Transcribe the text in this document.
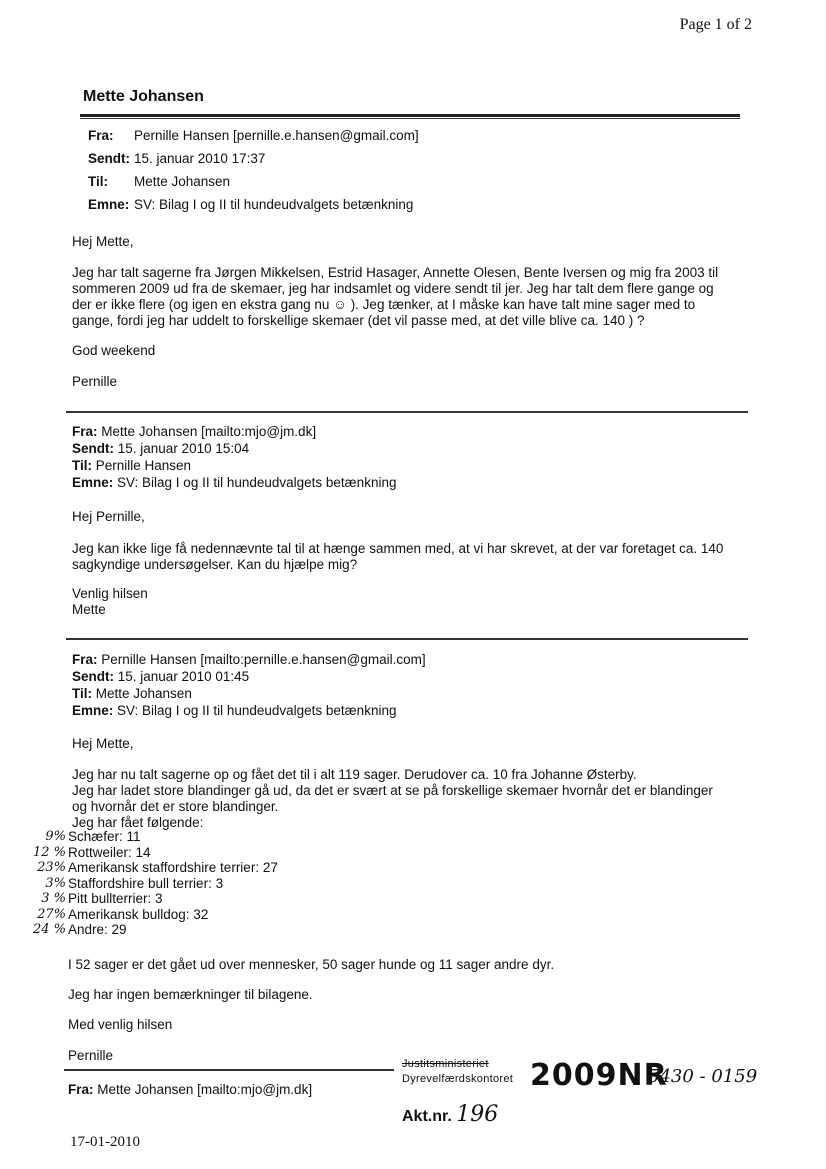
Page 1 of 2
Mette Johansen
Fra:	Pernille Hansen [pernille.e.hansen@gmail.com]
Sendt: 15. januar 2010 17:37
Til:	Mette Johansen
Emne: SV: Bilag I og II til hundeudvalgets betænkning
Hej Mette,

Jeg har talt sagerne fra Jørgen Mikkelsen, Estrid Hasager, Annette Olesen, Bente Iversen og mig fra 2003 til

sommeren 2009 ud fra de skemaer, jeg har indsamlet og videre sendt til jer. Jeg har talt dem flere gange og

der er ikke flere (og igen en ekstra gang nu ☺ ). Jeg tænker, at I måske kan have talt mine sager med to

gange, fordi jeg har uddelt to forskellige skemaer (det vil passe med, at det ville blive ca. 140 ) ?

God weekend
Pernille
Fra: Mette Johansen [mailto:mjo@jm.dk]
Sendt: 15. januar 2010 15:04
Til: Pernille Hansen
Emne: SV: Bilag I og II til hundeudvalgets betænkning
Hej Pernille,

Jeg kan ikke lige få nedennævnte tal til at hænge sammen med, at vi har skrevet, at der var foretaget ca. 140

sagkyndige undersøgelser. Kan du hjælpe mig?

Venlig hilsen

Mette

Fra: Pernille Hansen [mailto:pernille.e.hansen@gmail.com]
Sendt: 15. januar 2010 01:45
Til: Mette Johansen
Emne: SV: Bilag I og II til hundeudvalgets betænkning
Hej Mette,

Jeg har nu talt sagerne op og fået det til i alt 119 sager. Derudover ca. 10 fra Johanne Østerby.

Jeg har ladet store blandinger gå ud, da det er svært at se på forskellige skemaer hvornår det er blandinger

og hvornår det er store blandinger.

Jeg har fået følgende:

Schæfer: 11
Rottweiler: 14
Amerikansk staffordshire terrier: 27
Staffordshire bull terrier: 3
Pitt bullterrier: 3
Amerikansk bulldog: 32
Andre: 29
9%
12 %
23%
3%
3 %
27%
24 %
I 52 sager er det gået ud over mennesker, 50 sager hunde og 11 sager andre dyr.
Jeg har ingen bemærkninger til bilagene.
Med venlig hilsen
Pernille
Fra: Mette Johansen [mailto:mjo@jm.dk]
Justitsministeriet
Dyrevelfærdskontoret 2009NR
5430 - 0159
Akt.nr. 196
17-01-2010
